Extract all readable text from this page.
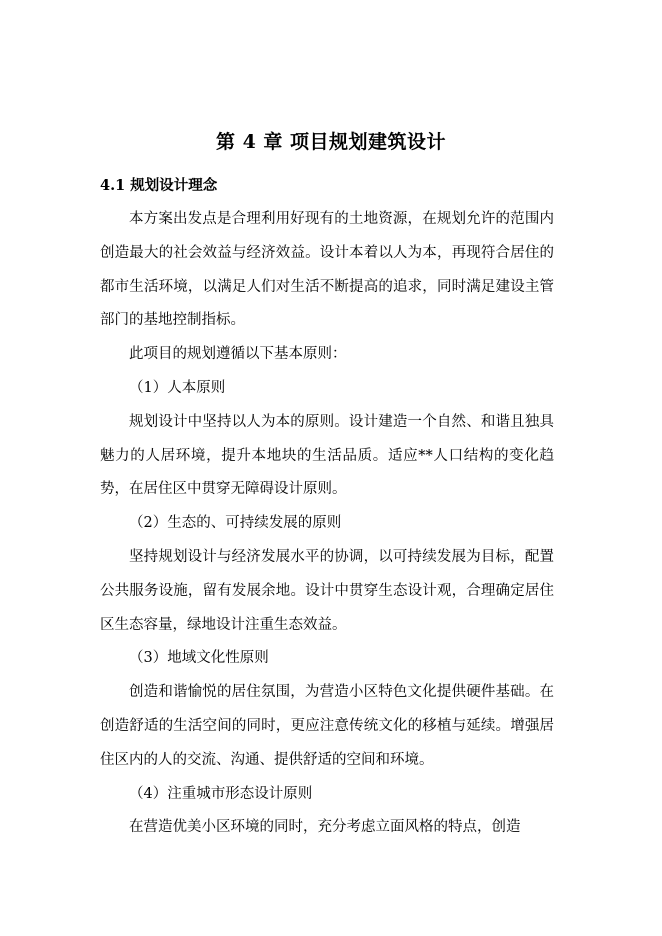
第 4 章 项目规划建筑设计
4.1 规划设计理念

本方案出发点是合理利用好现有的土地资源，在规划允许的范围内创造最大的社会效益与经济效益。设计本着以人为本，再现符合居住的都市生活环境，以满足人们对生活不断提高的追求，同时满足建设主管部门的基地控制指标。

此项目的规划遵循以下基本原则：

（1）人本原则

规划设计中坚持以人为本的原则。设计建造一个自然、和谐且独具魅力的人居环境，提升本地块的生活品质。适应**人口结构的变化趋势，在居住区中贯穿无障碍设计原则。

（2）生态的、可持续发展的原则

坚持规划设计与经济发展水平的协调，以可持续发展为目标，配置公共服务设施，留有发展余地。设计中贯穿生态设计观，合理确定居住区生态容量，绿地设计注重生态效益。

（3）地域文化性原则

创造和谐愉悦的居住氛围，为营造小区特色文化提供硬件基础。在创造舒适的生活空间的同时，更应注意传统文化的移植与延续。增强居住区内的人的交流、沟通、提供舒适的空间和环境。

（4）注重城市形态设计原则

在营造优美小区环境的同时，充分考虑立面风格的特点，创造
